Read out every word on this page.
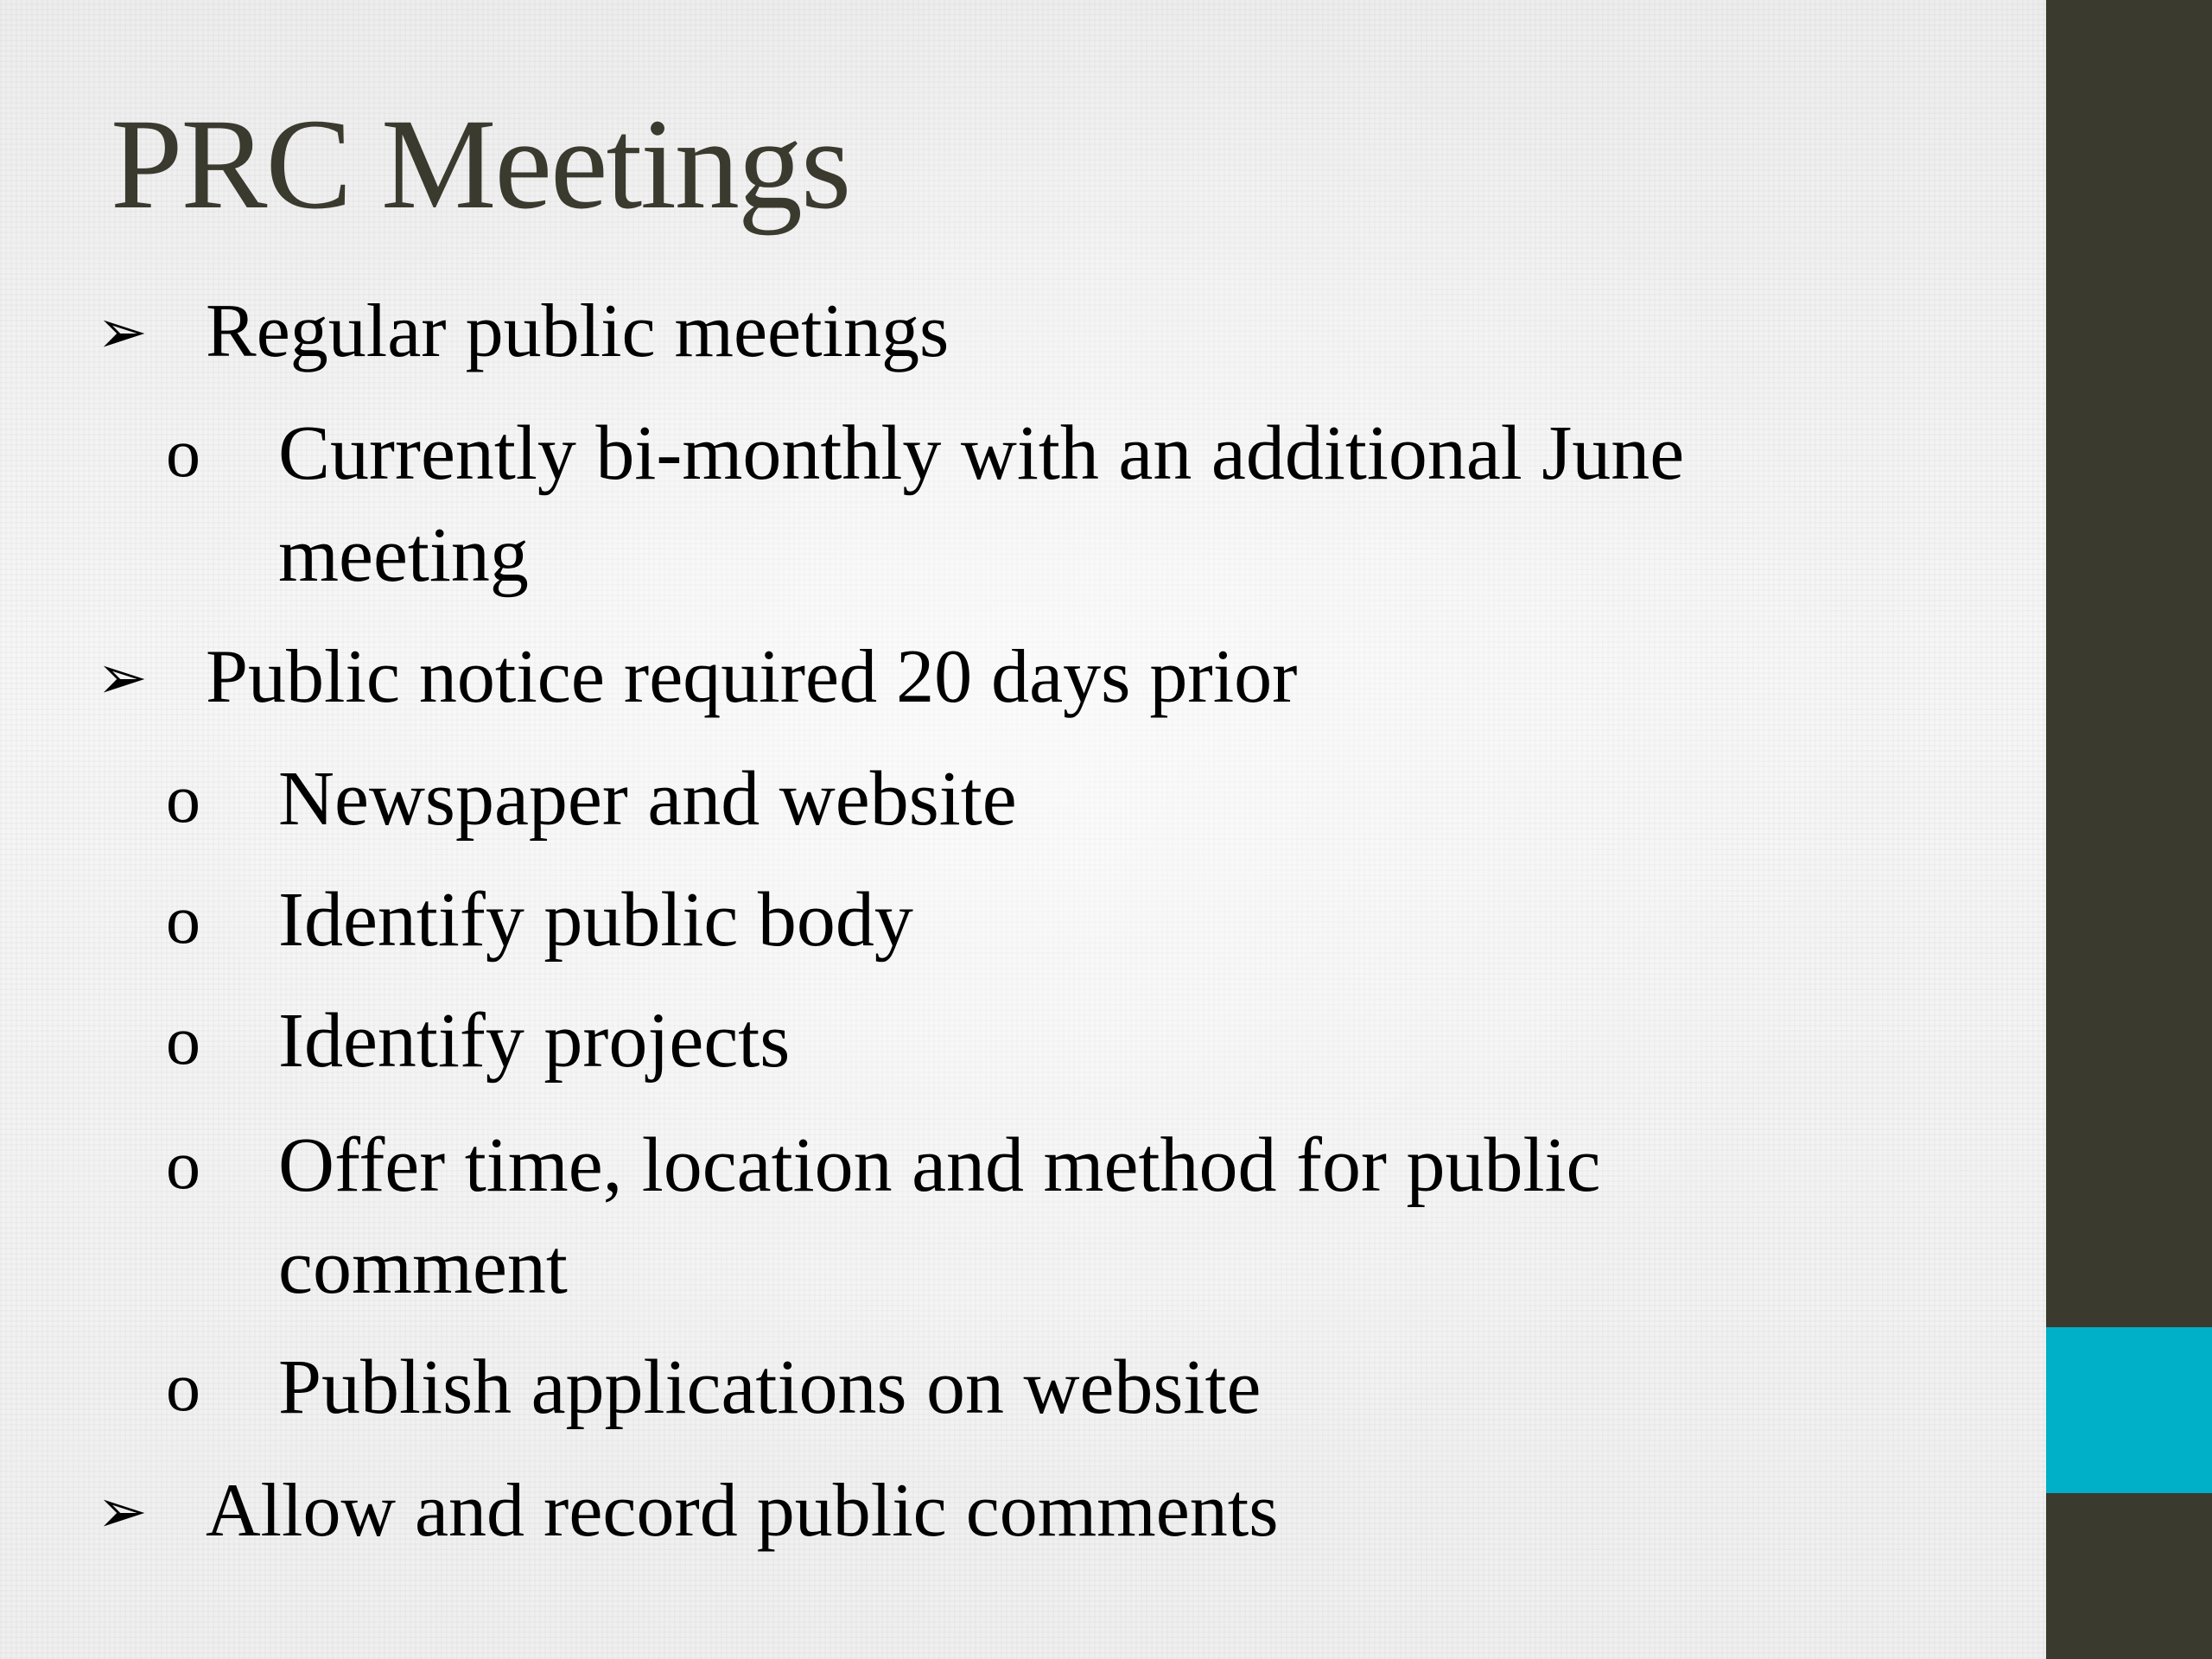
PRC Meetings
➢ Regular public meetings
o	Currently bi-monthly with an additional June
meeting
➢ Public notice required 20 days prior
o	Newspaper and website
o	Identify public body
o	Identify projects
o	Offer time, location and method for public
comment
o	Publish applications on website
➢ Allow and record public comments
